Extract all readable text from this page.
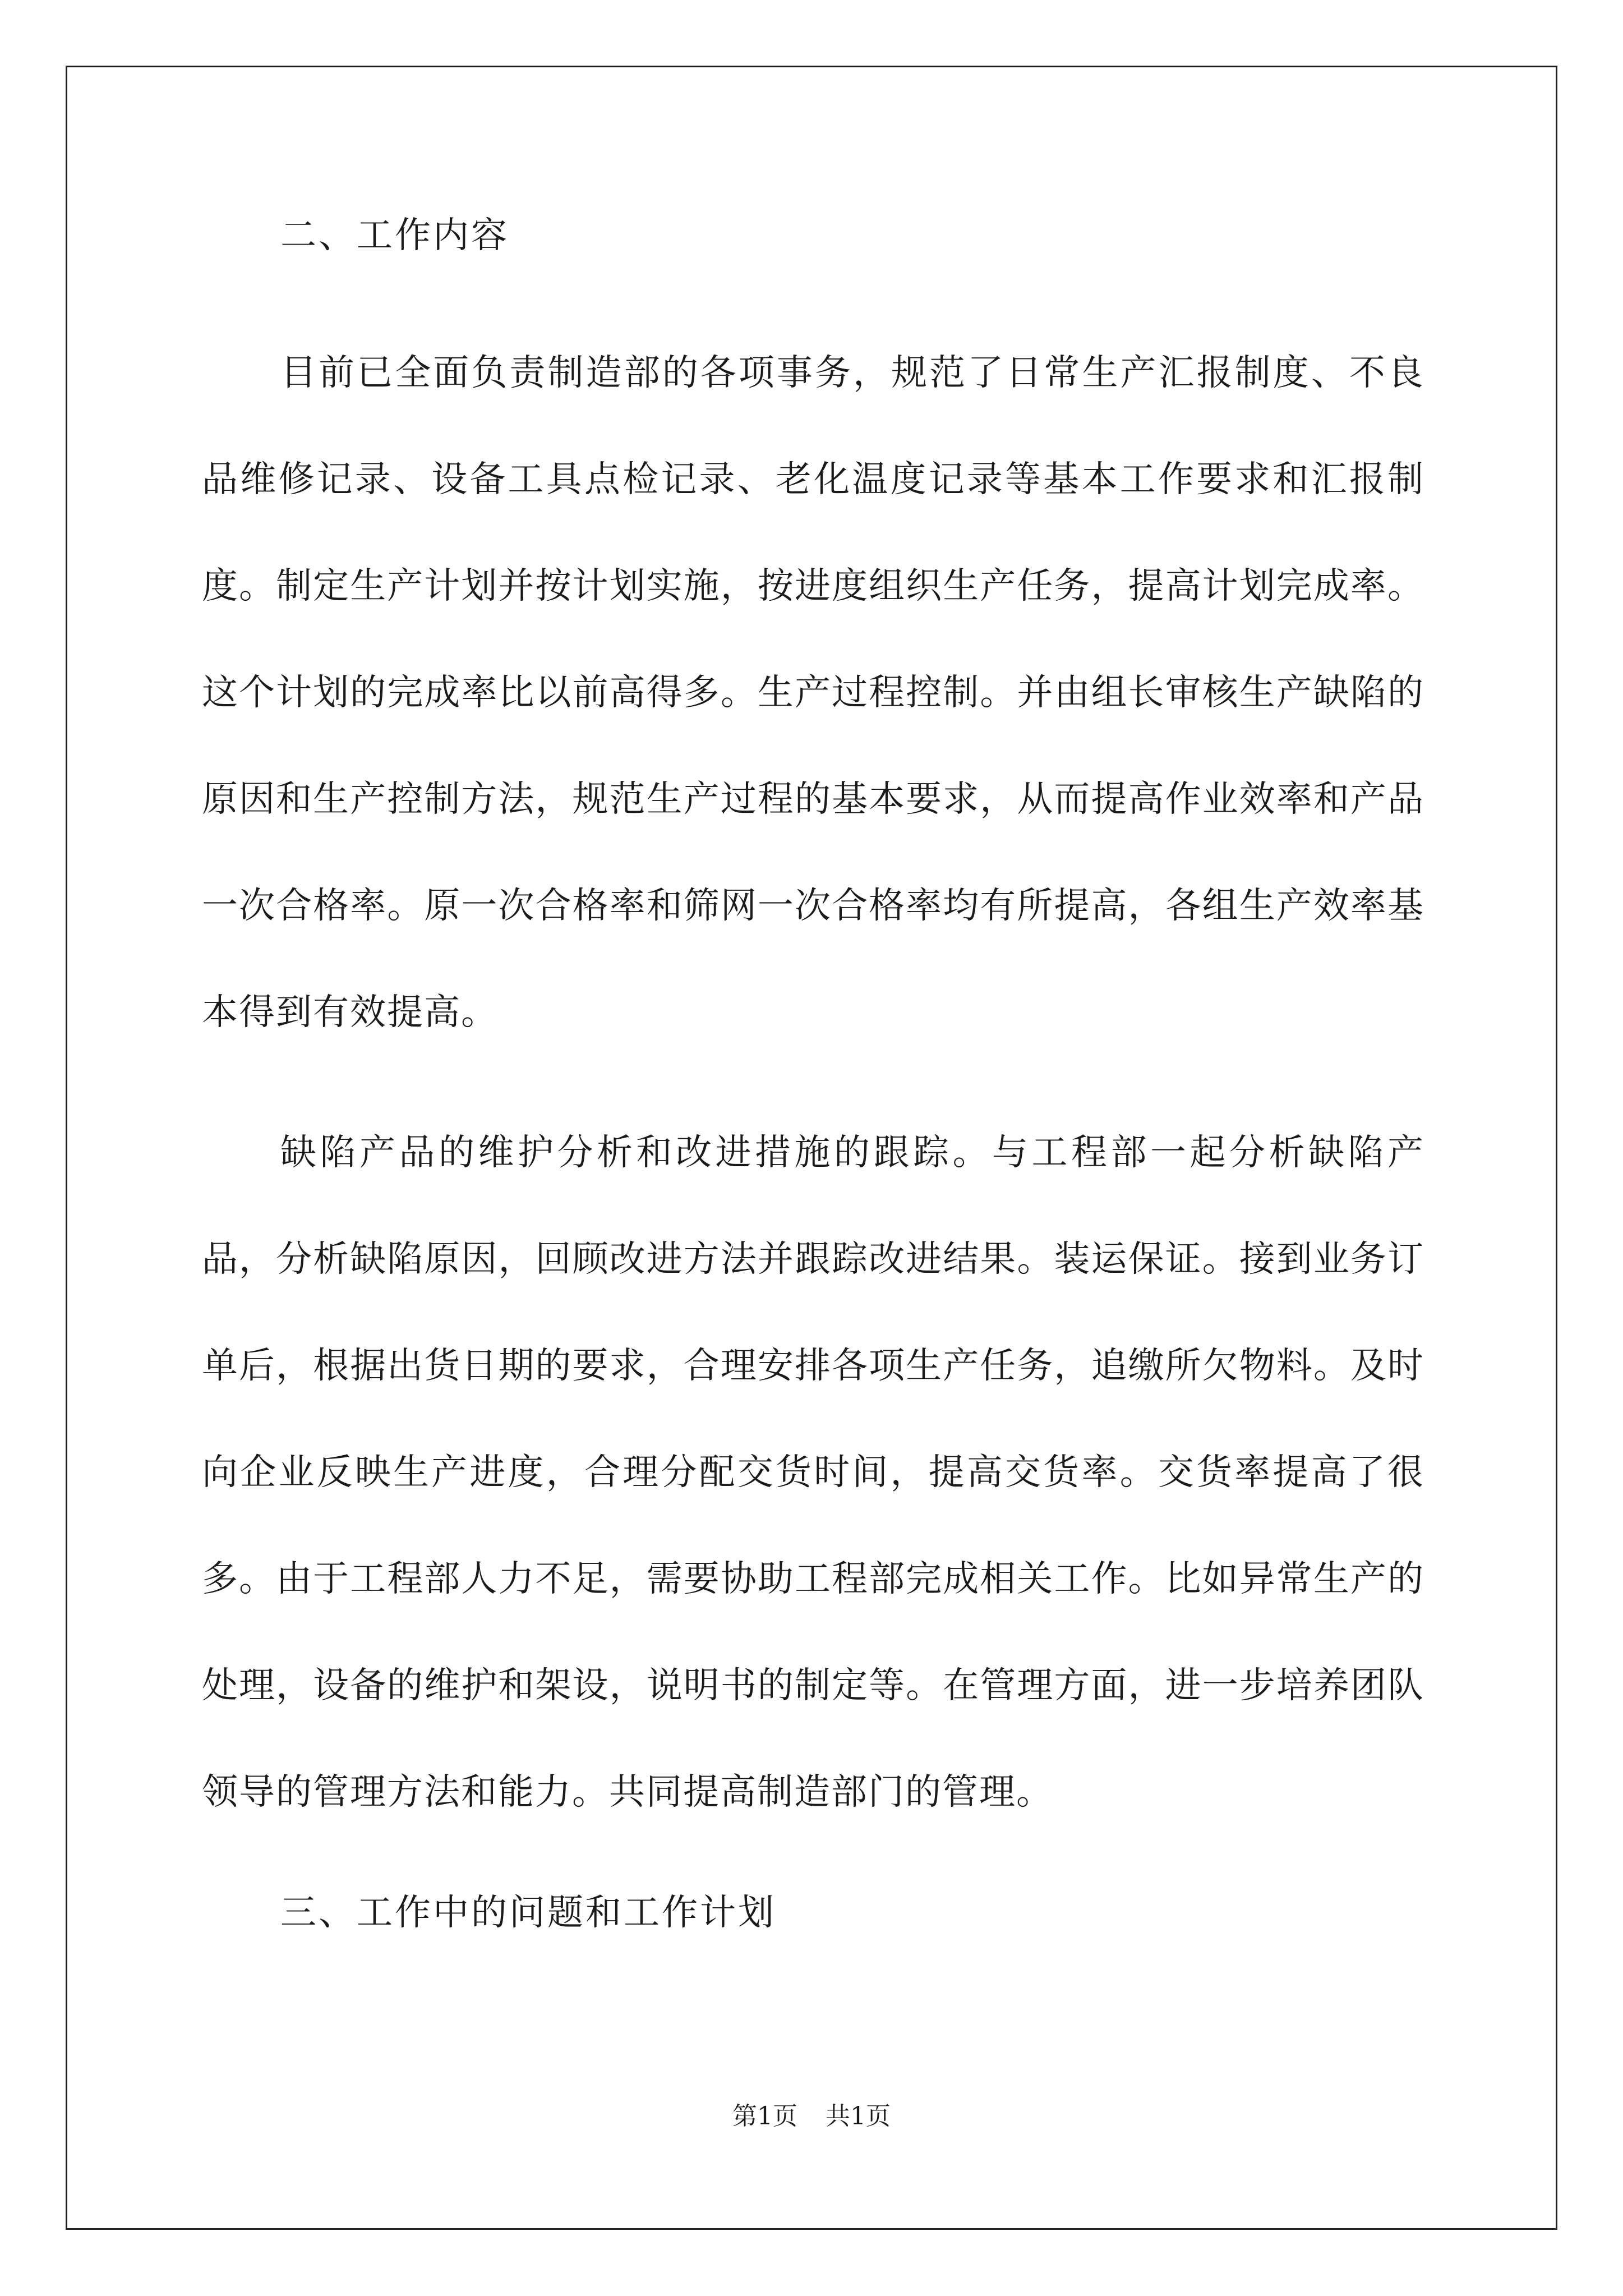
二、工作内容

目前已全面负责制造部的各项事务，规范了日常生产汇报制度、不良品维修记录、设备工具点检记录、老化温度记录等基本工作要求和汇报制度。制定生产计划并按计划实施，按进度组织生产任务，提高计划完成率。这个计划的完成率比以前高得多。生产过程控制。并由组长审核生产缺陷的原因和生产控制方法，规范生产过程的基本要求，从而提高作业效率和产品一次合格率。原一次合格率和筛网一次合格率均有所提高，各组生产效率基本得到有效提高。

缺陷产品的维护分析和改进措施的跟踪。与工程部一起分析缺陷产品，分析缺陷原因，回顾改进方法并跟踪改进结果。装运保证。接到业务订单后，根据出货日期的要求，合理安排各项生产任务，追缴所欠物料。及时向企业反映生产进度，合理分配交货时间，提高交货率。交货率提高了很多。由于工程部人力不足，需要协助工程部完成相关工作。比如异常生产的处理，设备的维护和架设，说明书的制定等。在管理方面，进一步培养团队领导的管理方法和能力。共同提高制造部门的管理。

三、工作中的问题和工作计划

第1页 共1页
